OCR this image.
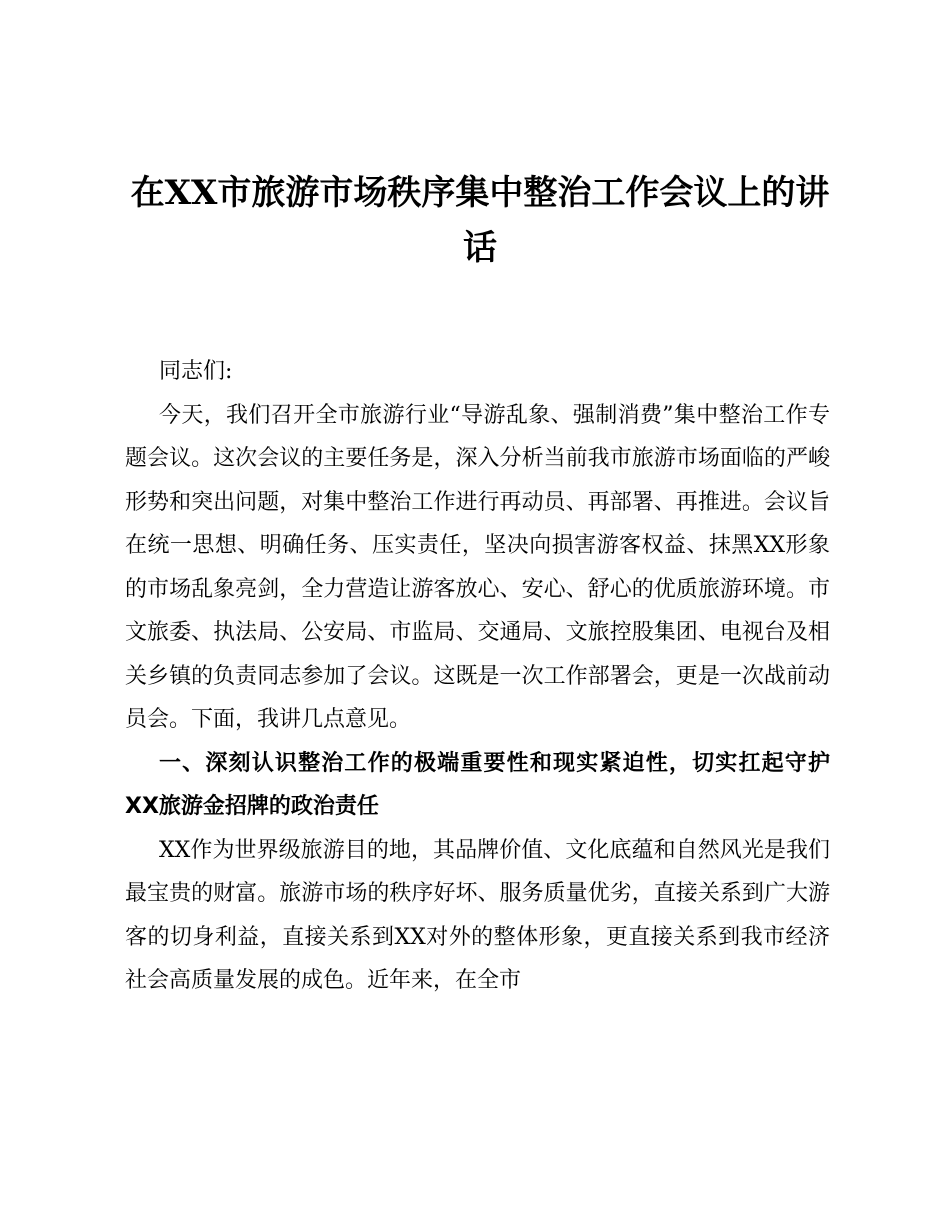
在XX市旅游市场秩序集中整治工作会议上的讲话

同志们:

今天，我们召开全市旅游行业“导游乱象、强制消费”集中整治工作专题会议。这次会议的主要任务是，深入分析当前我市旅游市场面临的严峻形势和突出问题，对集中整治工作进行再动员、再部署、再推进。会议旨在统一思想、明确任务、压实责任，坚决向损害游客权益、抹黑XX形象的市场乱象亮剑，全力营造让游客放心、安心、舒心的优质旅游环境。市文旅委、执法局、公安局、市监局、交通局、文旅控股集团、电视台及相关乡镇的负责同志参加了会议。这既是一次工作部署会，更是一次战前动员会。下面，我讲几点意见。

一、深刻认识整治工作的极端重要性和现实紧迫性，切实扛起守护XX旅游金招牌的政治责任

XX作为世界级旅游目的地，其品牌价值、文化底蕴和自然风光是我们最宝贵的财富。旅游市场的秩序好坏、服务质量优劣，直接关系到广大游客的切身利益，直接关系到XX对外的整体形象，更直接关系到我市经济社会高质量发展的成色。近年来，在全市
